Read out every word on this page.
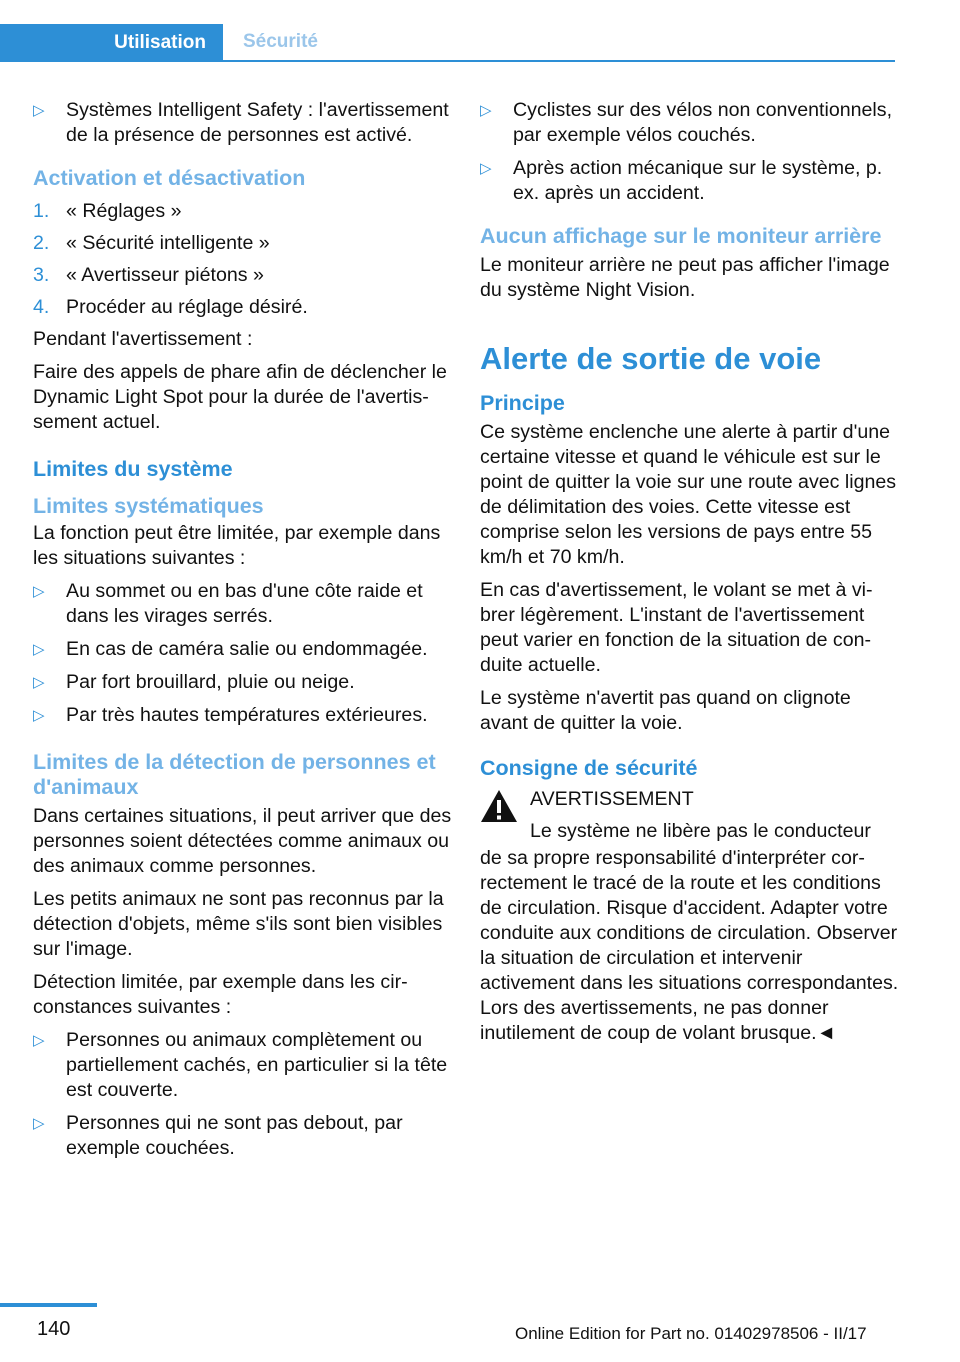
Utilisation	Sécurité
▷ Systèmes Intelligent Safety : l'avertissement de la présence de personnes est activé.
Activation et désactivation
1. « Réglages »
2. « Sécurité intelligente »
3. « Avertisseur piétons »
4. Procéder au réglage désiré.

Pendant l'avertissement :

Faire des appels de phare afin de déclencher le Dynamic Light Spot pour la durée de l'avertissement actuel.

Limites du système
Limites systématiques

La fonction peut être limitée, par exemple dans les situations suivantes :

▷ Au sommet ou en bas d'une côte raide et dans les virages serrés.
▷ En cas de caméra salie ou endommagée.
▷ Par fort brouillard, pluie ou neige.
▷ Par très hautes températures extérieures.
Limites de la détection de personnes et d'animaux

Dans certaines situations, il peut arriver que des personnes soient détectées comme animaux ou des animaux comme personnes.

Les petits animaux ne sont pas reconnus par la détection d'objets, même s'ils sont bien visibles sur l'image.

Détection limitée, par exemple dans les circonstances suivantes :

▷ Personnes ou animaux complètement ou partiellement cachés, en particulier si la tête est couverte.
▷ Personnes qui ne sont pas debout, par exemple couchées.
▷ Cyclistes sur des vélos non conventionnels, par exemple vélos couchés.
▷ Après action mécanique sur le système, p. ex. après un accident.
Aucun affichage sur le moniteur arrière

Le moniteur arrière ne peut pas afficher l'image du système Night Vision.

Alerte de sortie de voie
Principe

Ce système enclenche une alerte à partir d'une certaine vitesse et quand le véhicule est sur le point de quitter la voie sur une route avec lignes de délimitation des voies. Cette vitesse est comprise selon les versions de pays entre 55 km/h et 70 km/h.

En cas d'avertissement, le volant se met à vibrer légèrement. L'instant de l'avertissement peut varier en fonction de la situation de conduite actuelle.

Le système n'avertit pas quand on clignote avant de quitter la voie.

Consigne de sécurité
AVERTISSEMENT
Le système ne libère pas le conducteur

de sa propre responsabilité d'interpréter correctement le tracé de la route et les conditions de circulation. Risque d'accident. Adapter votre conduite aux conditions de circulation. Observer la situation de circulation et intervenir activement dans les situations correspondantes. Lors des avertissements, ne pas donner inutilement de coup de volant brusque.◄

140	Online Edition for Part no. 01402978506 - II/17
